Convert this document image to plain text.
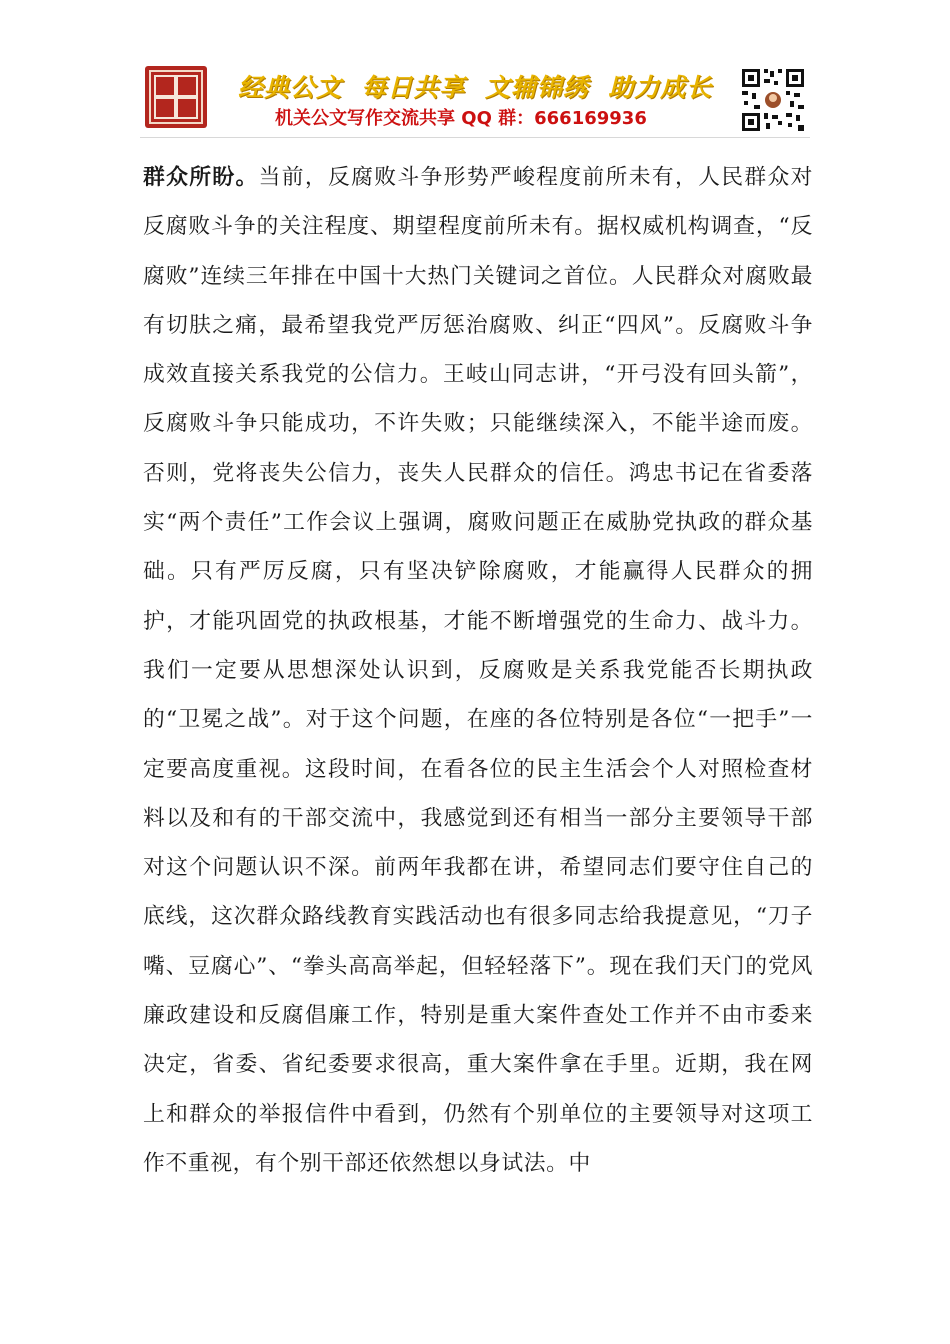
经典公文  每日共享  文辅锦绣  助力成长
机关公文写作交流共享 QQ 群：666169936

群众所盼。当前，反腐败斗争形势严峻程度前所未有，人民群众对反腐败斗争的关注程度、期望程度前所未有。据权威机构调查，“反腐败”连续三年排在中国十大热门关键词之首位。人民群众对腐败最有切肤之痛，最希望我党严厉惩治腐败、纠正“四风”。反腐败斗争成效直接关系我党的公信力。王岐山同志讲，“开弓没有回头箭”，反腐败斗争只能成功，不许失败；只能继续深入，不能半途而废。否则，党将丧失公信力，丧失人民群众的信任。鸿忠书记在省委落实“两个责任”工作会议上强调，腐败问题正在威胁党执政的群众基础。只有严厉反腐，只有坚决铲除腐败，才能赢得人民群众的拥护，才能巩固党的执政根基，才能不断增强党的生命力、战斗力。我们一定要从思想深处认识到，反腐败是关系我党能否长期执政的“卫冕之战”。对于这个问题，在座的各位特别是各位“一把手”一定要高度重视。这段时间，在看各位的民主生活会个人对照检查材料以及和有的干部交流中，我感觉到还有相当一部分主要领导干部对这个问题认识不深。前两年我都在讲，希望同志们要守住自己的底线，这次群众路线教育实践活动也有很多同志给我提意见，“刀子嘴、豆腐心”、“拳头高高举起，但轻轻落下”。现在我们天门的党风廉政建设和反腐倡廉工作，特别是重大案件查处工作并不由市委来决定，省委、省纪委要求很高，重大案件拿在手里。近期，我在网上和群众的举报信件中看到，仍然有个别单位的主要领导对这项工作不重视，有个别干部还依然想以身试法。中
